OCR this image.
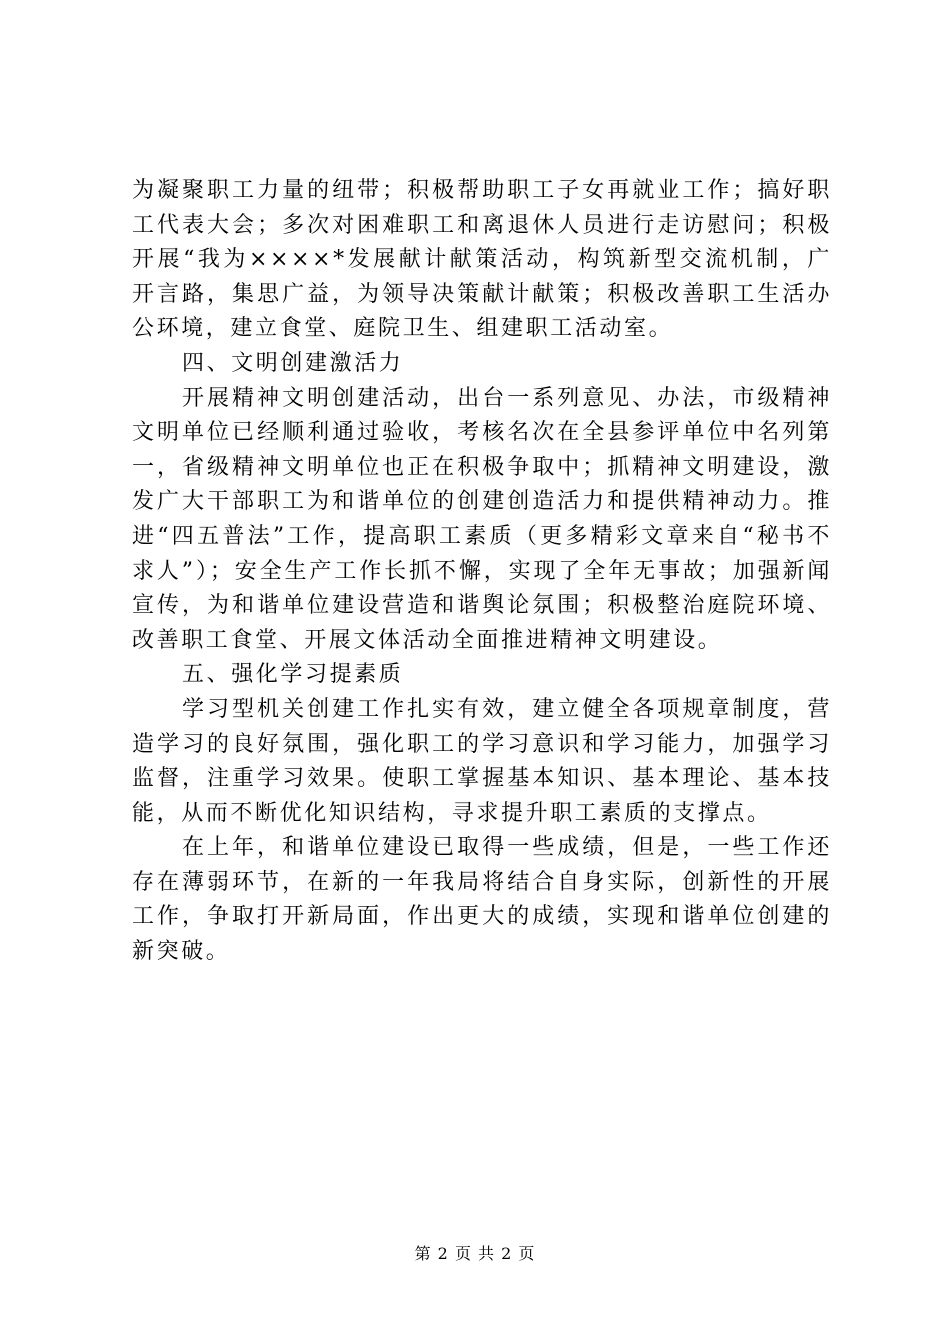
为凝聚职工力量的纽带；积极帮助职工子女再就业工作；搞好职工代表大会；多次对困难职工和离退休人员进行走访慰问；积极开展“我为××××*发展献计献策活动，构筑新型交流机制，广开言路，集思广益，为领导决策献计献策；积极改善职工生活办公环境，建立食堂、庭院卫生、组建职工活动室。

四、文明创建激活力

开展精神文明创建活动，出台一系列意见、办法，市级精神文明单位已经顺利通过验收，考核名次在全县参评单位中名列第一，省级精神文明单位也正在积极争取中；抓精神文明建设，激发广大干部职工为和谐单位的创建创造活力和提供精神动力。推进“四五普法”工作，提高职工素质（更多精彩文章来自“秘书不求人”）；安全生产工作长抓不懈，实现了全年无事故；加强新闻宣传，为和谐单位建设营造和谐舆论氛围；积极整治庭院环境、改善职工食堂、开展文体活动全面推进精神文明建设。

五、强化学习提素质

学习型机关创建工作扎实有效，建立健全各项规章制度，营造学习的良好氛围，强化职工的学习意识和学习能力，加强学习监督，注重学习效果。使职工掌握基本知识、基本理论、基本技能，从而不断优化知识结构，寻求提升职工素质的支撑点。

在上年，和谐单位建设已取得一些成绩，但是，一些工作还存在薄弱环节，在新的一年我局将结合自身实际，创新性的开展工作，争取打开新局面，作出更大的成绩，实现和谐单位创建的新突破。

第 2 页 共 2 页
